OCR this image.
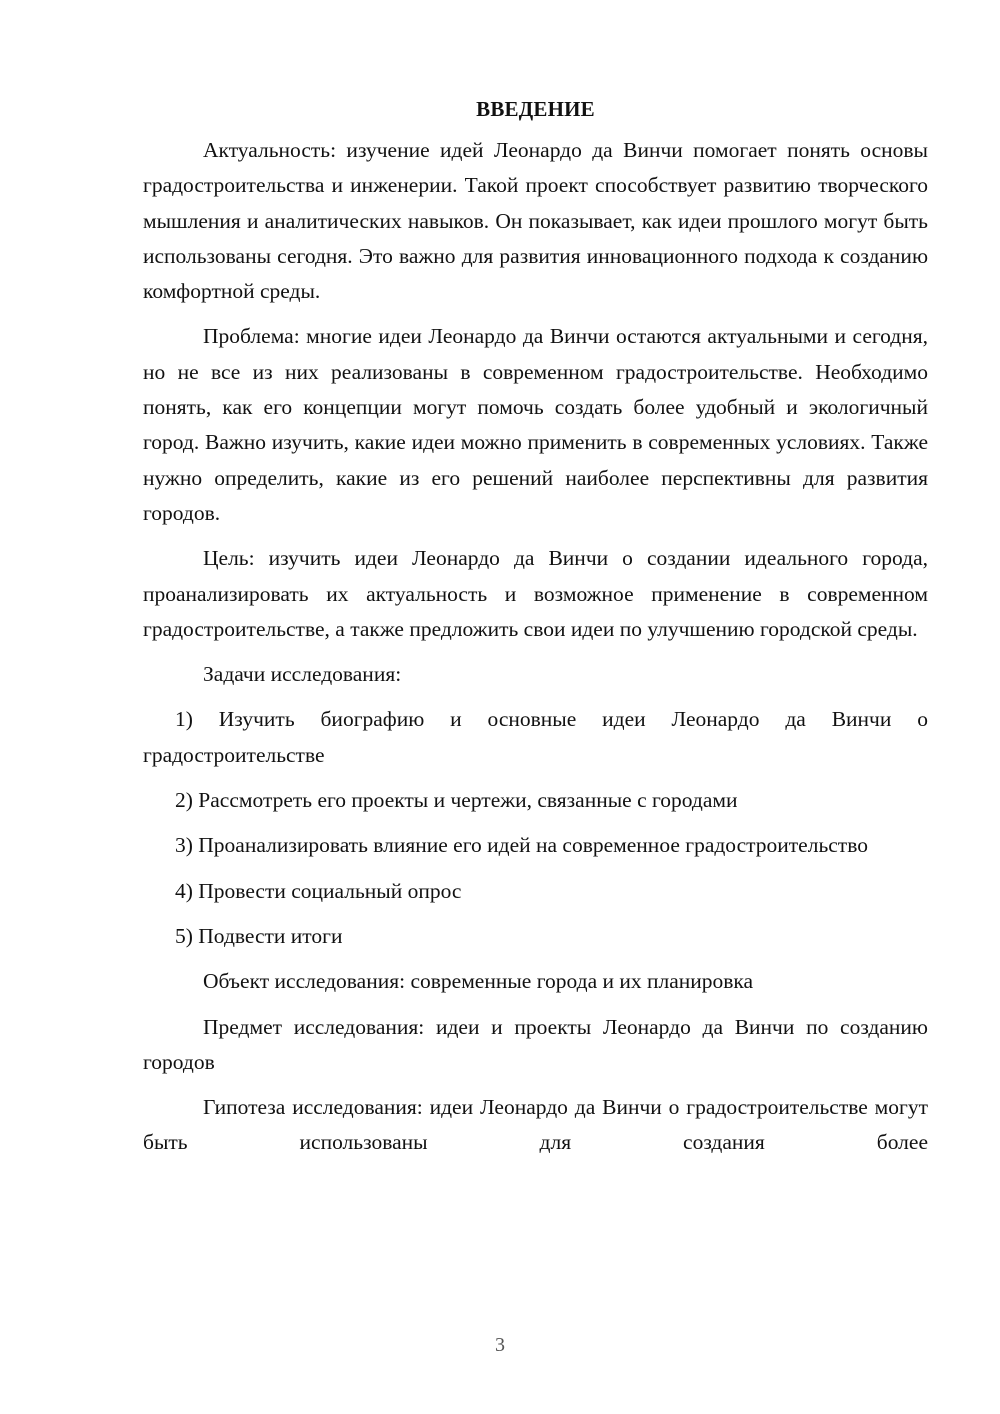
ВВЕДЕНИЕ

Актуальность: изучение идей Леонардо да Винчи помогает понять основы градостроительства и инженерии. Такой проект способствует развитию творческого мышления и аналитических навыков. Он показывает, как идеи прошлого могут быть использованы сегодня. Это важно для развития инновационного подхода к созданию комфортной среды.

Проблема: многие идеи Леонардо да Винчи остаются актуальными и сегодня, но не все из них реализованы в современном градостроительстве. Необходимо понять, как его концепции могут помочь создать более удобный и экологичный город. Важно изучить, какие идеи можно применить в современных условиях. Также нужно определить, какие из его решений наиболее перспективны для развития городов.

Цель: изучить идеи Леонардо да Винчи о создании идеального города, проанализировать их актуальность и возможное применение в современном градостроительстве, а также предложить свои идеи по улучшению городской среды.

Задачи исследования:

1) Изучить биографию и основные идеи Леонардо да Винчи о градостроительстве

2) Рассмотреть его проекты и чертежи, связанные с городами

3) Проанализировать влияние его идей на современное градостроительство

4) Провести социальный опрос

5) Подвести итоги

Объект исследования: современные города и их планировка

Предмет исследования: идеи и проекты Леонардо да Винчи по созданию городов

Гипотеза исследования: идеи Леонардо да Винчи о градостроительстве могут быть использованы для создания более

3
